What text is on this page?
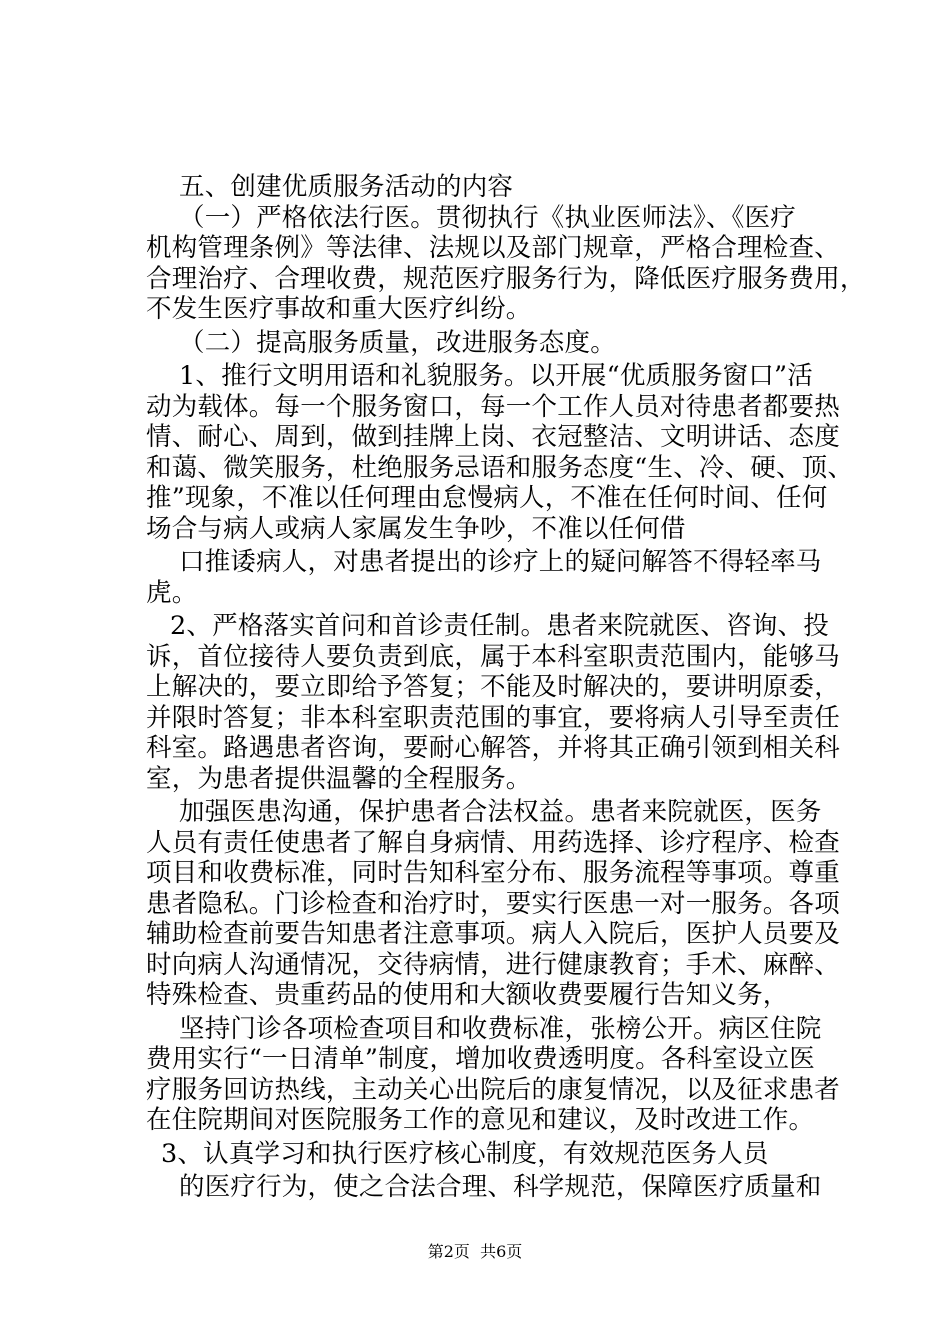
五、创建优质服务活动的内容
（一）严格依法行医。贯彻执行《执业医师法》、《医疗
机构管理条例》等法律、法规以及部门规章，严格合理检查、
合理治疗、合理收费，规范医疗服务行为，降低医疗服务费用，
不发生医疗事故和重大医疗纠纷。
（二）提高服务质量，改进服务态度。
1、推行文明用语和礼貌服务。以开展“优质服务窗口”活
动为载体。每一个服务窗口，每一个工作人员对待患者都要热
情、耐心、周到，做到挂牌上岗、衣冠整洁、文明讲话、态度
和蔼、微笑服务，杜绝服务忌语和服务态度“生、冷、硬、顶、
推”现象，不准以任何理由怠慢病人，不准在任何时间、任何
场合与病人或病人家属发生争吵，不准以任何借
口推诿病人，对患者提出的诊疗上的疑问解答不得轻率马
虎。
2、严格落实首问和首诊责任制。患者来院就医、咨询、投
诉，首位接待人要负责到底，属于本科室职责范围内，能够马
上解决的，要立即给予答复；不能及时解决的，要讲明原委，
并限时答复；非本科室职责范围的事宜，要将病人引导至责任
科室。路遇患者咨询，要耐心解答，并将其正确引领到相关科
室，为患者提供温馨的全程服务。
加强医患沟通，保护患者合法权益。患者来院就医，医务
人员有责任使患者了解自身病情、用药选择、诊疗程序、检查
项目和收费标准，同时告知科室分布、服务流程等事项。尊重
患者隐私。门诊检查和治疗时，要实行医患一对一服务。各项
辅助检查前要告知患者注意事项。病人入院后，医护人员要及
时向病人沟通情况，交待病情，进行健康教育；手术、麻醉、
特殊检查、贵重药品的使用和大额收费要履行告知义务，
坚持门诊各项检查项目和收费标准，张榜公开。病区住院
费用实行“一日清单”制度，增加收费透明度。各科室设立医
疗服务回访热线，主动关心出院后的康复情况，以及征求患者
在住院期间对医院服务工作的意见和建议，及时改进工作。
3、认真学习和执行医疗核心制度，有效规范医务人员
的医疗行为，使之合法合理、科学规范，保障医疗质量和
第2页  共6页
